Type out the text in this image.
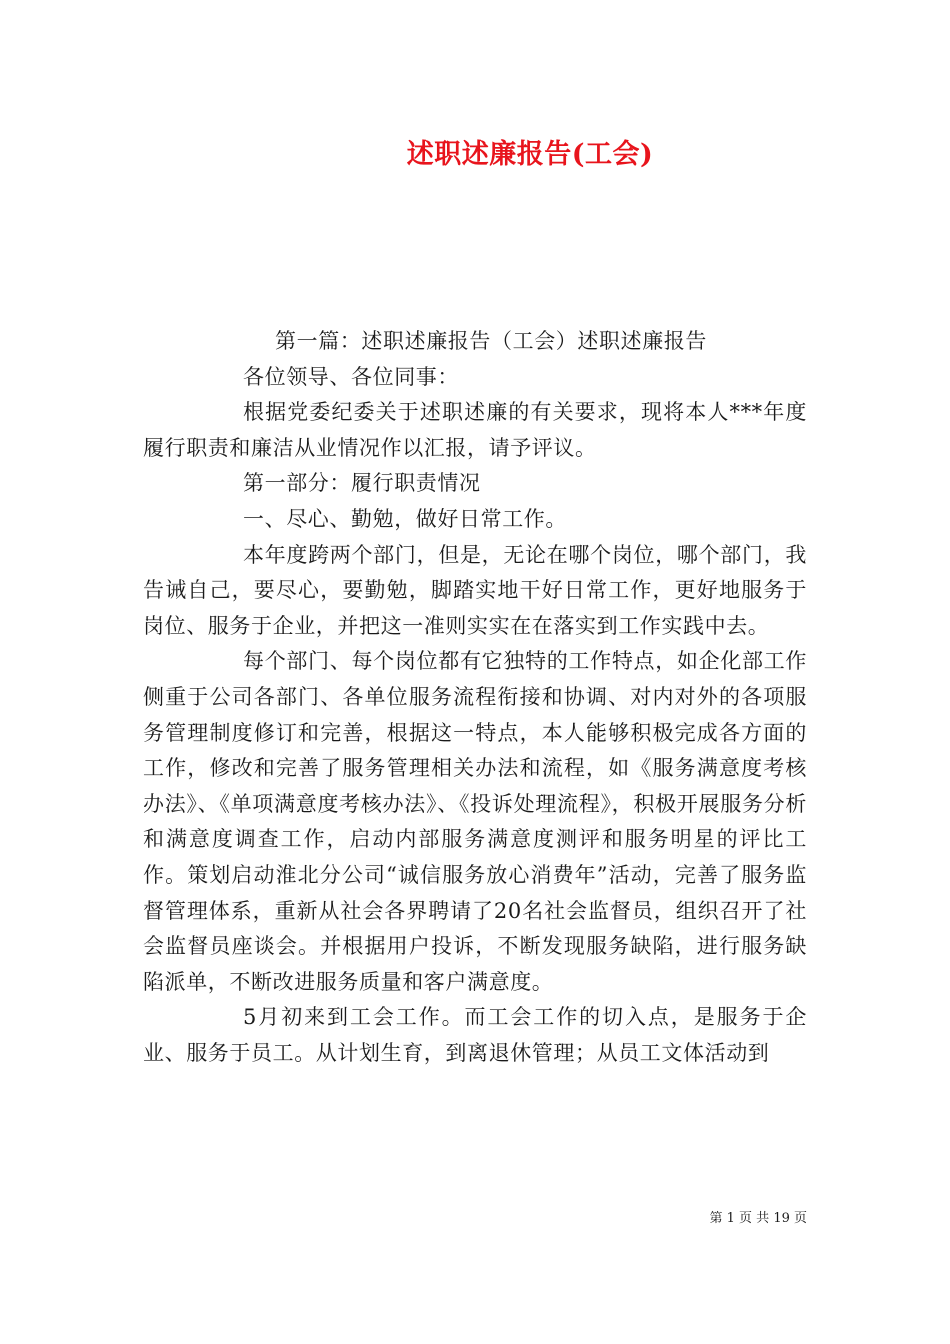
述职述廉报告(工会)

第一篇：述职述廉报告（工会）述职述廉报告

各位领导、各位同事：

根据党委纪委关于述职述廉的有关要求，现将本人***年度履行职责和廉洁从业情况作以汇报，请予评议。

第一部分：履行职责情况

一、尽心、勤勉，做好日常工作。

本年度跨两个部门，但是，无论在哪个岗位，哪个部门，我告诫自己，要尽心，要勤勉，脚踏实地干好日常工作，更好地服务于岗位、服务于企业，并把这一准则实实在在落实到工作实践中去。

每个部门、每个岗位都有它独特的工作特点，如企化部工作侧重于公司各部门、各单位服务流程衔接和协调、对内对外的各项服务管理制度修订和完善，根据这一特点，本人能够积极完成各方面的工作，修改和完善了服务管理相关办法和流程，如《服务满意度考核办法》、《单项满意度考核办法》、《投诉处理流程》，积极开展服务分析和满意度调查工作，启动内部服务满意度测评和服务明星的评比工作。策划启动淮北分公司“诚信服务放心消费年”活动，完善了服务监督管理体系，重新从社会各界聘请了20名社会监督员，组织召开了社会监督员座谈会。并根据用户投诉，不断发现服务缺陷，进行服务缺陷派单，不断改进服务质量和客户满意度。

5月初来到工会工作。而工会工作的切入点，是服务于企业、服务于员工。从计划生育，到离退休管理；从员工文体活动到

第 1 页 共 19 页
